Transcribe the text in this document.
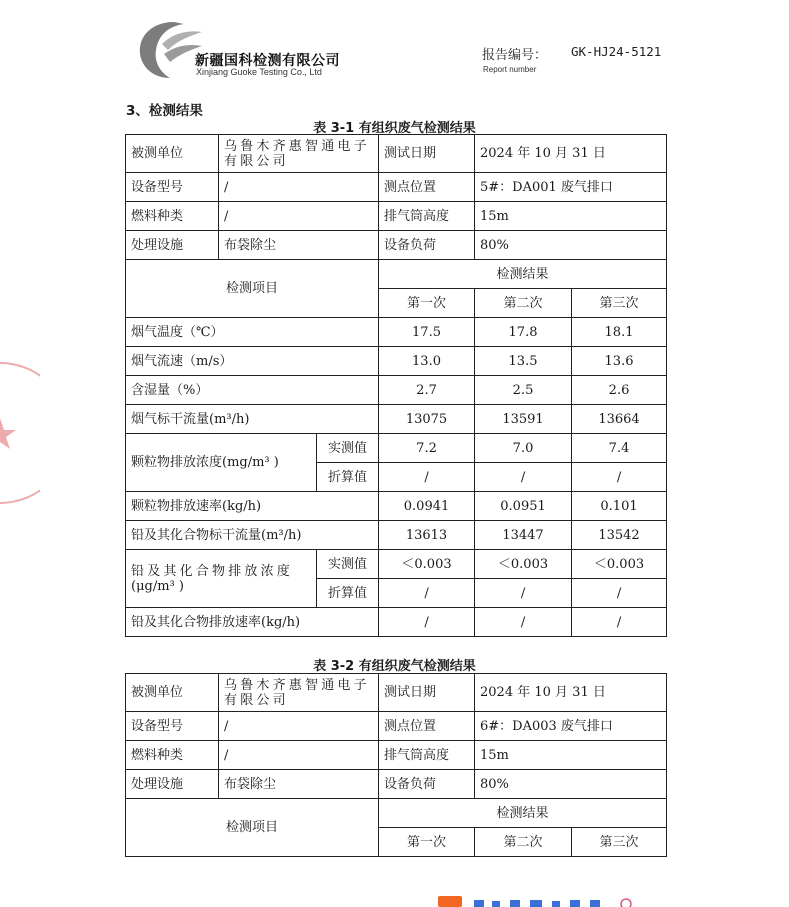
新疆国科检测有限公司
Xinjiang Guoke Testing Co., Ltd
报告编号：
Report number
GK-HJ24-5121
3、检测结果
表 3-1 有组织废气检测结果
被测单位	乌鲁木齐惠智通电子有限公司		测试日期	2024 年 10 月 31 日	
设备型号	/		测点位置	5#：DA001 废气排口	
燃料种类	/		排气筒高度	15m	
处理设施	布袋除尘		设备负荷	80%	
检测项目			检测结果		
			第一次	第二次	第三次
烟气温度（℃）			17.5	17.8	18.1
烟气流速（m/s）			13.0	13.5	13.6
含湿量（%）			2.7	2.5	2.6
烟气标干流量(m³/h)			13075	13591	13664
颗粒物排放浓度(mg/m³ )		实测值	7.2	7.0	7.4
		折算值	/	/	/
颗粒物排放速率(kg/h)			0.0941	0.0951	0.101
铅及其化合物标干流量(m³/h)			13613	13447	13542

铅及其化合物排放浓度
(μg/m³ )		实测值	＜0.003	＜0.003	＜0.003
		折算值	/	/	/
铅及其化合物排放速率(kg/h)			/	/	/
表 3-2 有组织废气检测结果
被测单位	乌鲁木齐惠智通电子有限公司	测试日期	2024 年 10 月 31 日	
设备型号	/	测点位置	6#：DA003 废气排口	
燃料种类	/	排气筒高度	15m	
处理设施	布袋除尘	设备负荷	80%	
检测项目		检测结果		
		第一次	第二次	第三次
